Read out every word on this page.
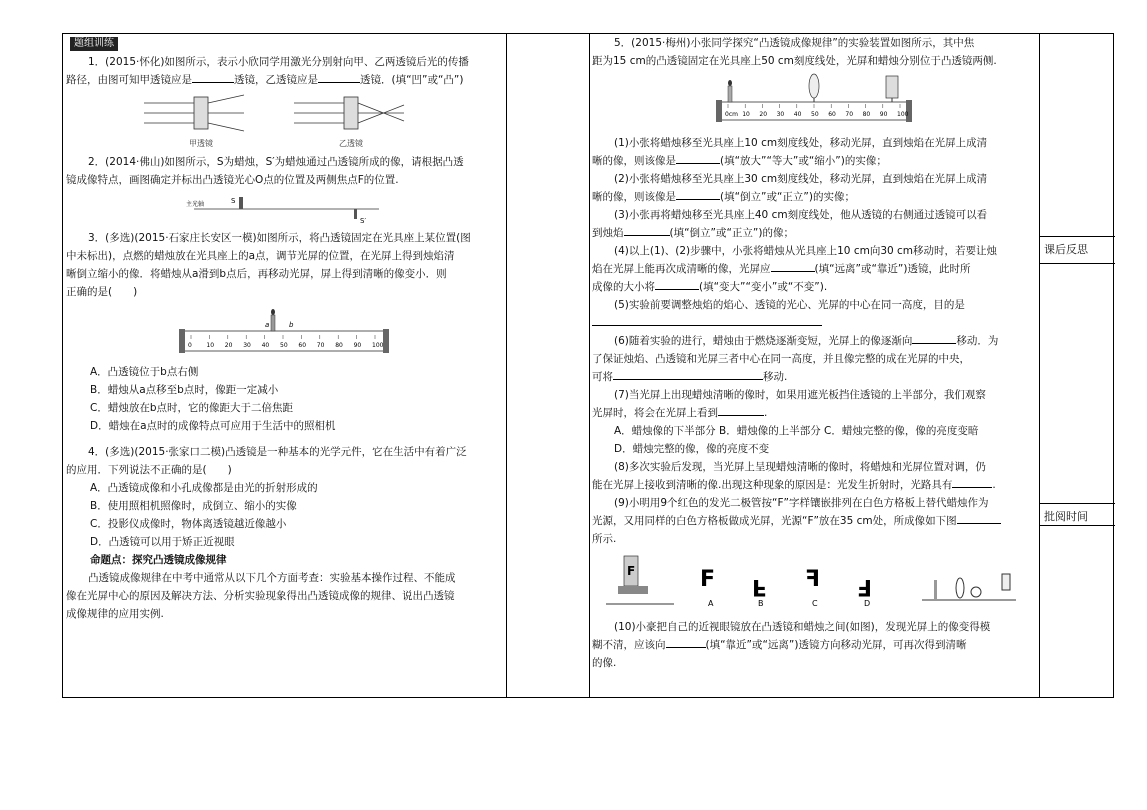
题组训练

1．(2015·怀化)如图所示，表示小欣同学用激光分别射向甲、乙两透镜后光的传播

路径，由图可知甲透镜应是	透镜，乙透镜应是	透镜．(填“凹”或“凸”)

甲透镜	乙透镜

2．(2014·佛山)如图所示，S为蜡烛，S′为蜡烛通过凸透镜所成的像，请根据凸透

镜成像特点，画图确定并标出凸透镜光心O点的位置及两侧焦点F的位置.

S
主光轴
S′

3．(多选)(2015·石家庄长安区一模)如图所示，将凸透镜固定在光具座上某位置(图

中未标出)，点燃的蜡烛放在光具座上的a点，调节光屏的位置，在光屏上得到烛焰清

晰倒立缩小的像．将蜡烛从a滑到b点后，再移动光屏，屏上得到清晰的像变小．则

正确的是(　　)

a	b
0 10 20 30 40 50 60 70 80 90 100

A．凸透镜位于b点右侧

B．蜡烛从a点移至b点时，像距一定减小

C．蜡烛放在b点时，它的像距大于二倍焦距

D．蜡烛在a点时的成像特点可应用于生活中的照相机

4．(多选)(2015·张家口二模)凸透镜是一种基本的光学元件，它在生活中有着广泛

的应用．下列说法不正确的是(　　)

A．凸透镜成像和小孔成像都是由光的折射形成的

B．使用照相机照像时，成倒立、缩小的实像

C．投影仪成像时，物体离透镜越近像越小

D．凸透镜可以用于矫正近视眼

命题点：探究凸透镜成像规律

凸透镜成像规律在中考中通常从以下几个方面考查：实验基本操作过程、不能成

像在光屏中心的原因及解决方法、分析实验现象得出凸透镜成像的规律、说出凸透镜

成像规律的应用实例.

5．(2015·梅州)小张同学探究“凸透镜成像规律”的实验装置如图所示，其中焦

距为15 cm的凸透镜固定在光具座上50 cm刻度线处，光屏和蜡烛分别位于凸透镜两侧.

0cm 10 20 30 40 50 60 70 80 90 100

(1)小张将蜡烛移至光具座上10 cm刻度线处，移动光屏，直到烛焰在光屏上成清

晰的像，则该像是	(填“放大”“等大”或“缩小”)的实像；

(2)小张将蜡烛移至光具座上30 cm刻度线处，移动光屏，直到烛焰在光屏上成清

晰的像，则该像是	(填“倒立”或“正立”)的实像；

(3)小张再将蜡烛移至光具座上40 cm刻度线处，他从透镜的右侧通过透镜可以看

到烛焰	(填“倒立”或“正立”)的像；

(4)以上(1)、(2)步骤中，小张将蜡烛从光具座上10 cm向30 cm移动时，若要让烛

焰在光屏上能再次成清晰的像，光屏应	(填“远离”或“靠近”)透镜，此时所

成像的大小将	(填“变大”“变小”或“不变”).

(5)实验前要调整烛焰的焰心、透镜的光心、光屏的中心在同一高度，目的是

(6)随着实验的进行，蜡烛由于燃烧逐渐变短，光屏上的像逐渐向	移动．为

了保证烛焰、凸透镜和光屏三者中心在同一高度，并且像完整的成在光屏的中央，

可将	移动.

(7)当光屏上出现蜡烛清晰的像时，如果用遮光板挡住透镜的上半部分，我们观察

光屏时，将会在光屏上看到	.

A．蜡烛像的下半部分 B．蜡烛像的上半部分 C．蜡烛完整的像，像的亮度变暗

D．蜡烛完整的像，像的亮度不变

(8)多次实验后发现，当光屏上呈现蜡烛清晰的像时，将蜡烛和光屏位置对调，仍

能在光屏上接收到清晰的像.出现这种现象的原因是：光发生折射时，光路具有	.

(9)小明用9个红色的发光二极管按“F”字样镶嵌排列在白色方格板上替代蜡烛作为

光源，又用同样的白色方格板做成光屏，光源“F”放在35 cm处，所成像如下图

所示.

F	F F F F
A	B	C	D

(10)小豪把自己的近视眼镜放在凸透镜和蜡烛之间(如图)，发现光屏上的像变得模

糊不清，应该向	(填“靠近”或“远离”)透镜方向移动光屏，可再次得到清晰

的像.

课后反思
批阅时间
